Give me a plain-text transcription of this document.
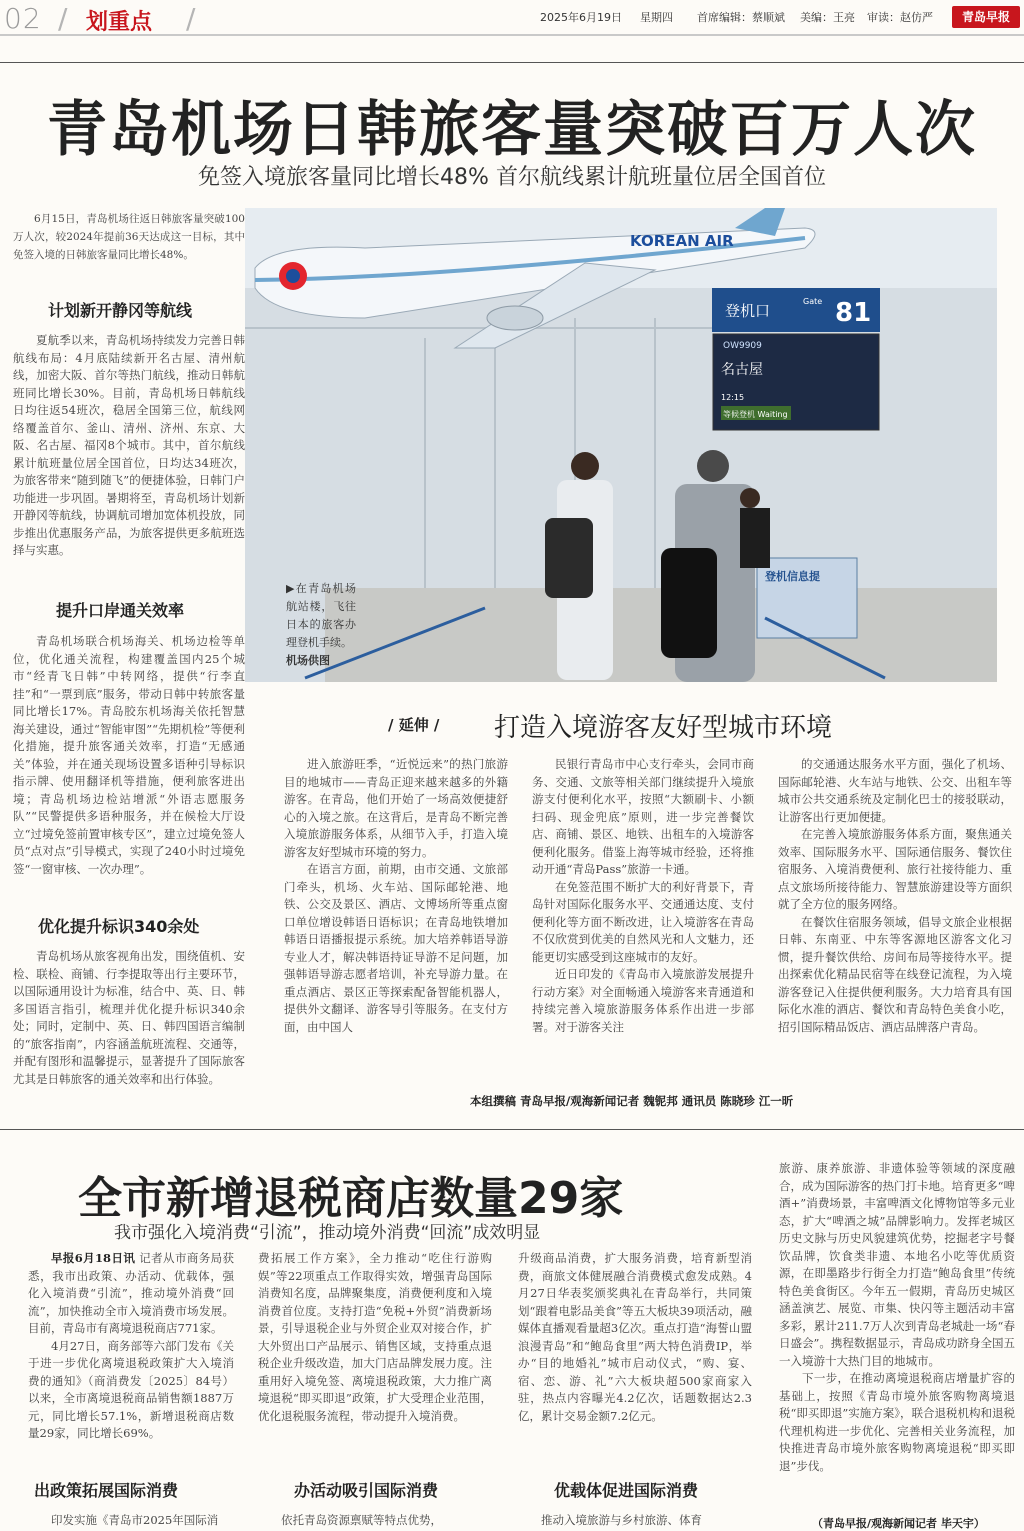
02 / 划重点 /	2025年6月19日 星期四 首席编辑：蔡顺斌 美编：王亮 审读：赵仿严	青岛早报
青岛机场日韩旅客量突破百万人次
免签入境旅客量同比增长48% 首尔航线累计航班量位居全国首位

6月15日，青岛机场往返日韩旅客量突破100万人次，较2024年提前36天达成这一目标，其中免签入境的日韩旅客量同比增长48%。

计划新开静冈等航线

夏航季以来，青岛机场持续发力完善日韩航线布局：4月底陆续新开名古屋、清州航线，加密大阪、首尔等热门航线，推动日韩航班同比增长30%。目前，青岛机场日韩航线日均往返54班次，稳居全国第三位，航线网络覆盖首尔、釜山、清州、济州、东京、大阪、名古屋、福冈8个城市。其中，首尔航线累计航班量位居全国首位，日均达34班次，为旅客带来“随到随飞”的便捷体验，日韩门户功能进一步巩固。暑期将至，青岛机场计划新开静冈等航线，协调航司增加宽体机投放，同步推出优惠服务产品，为旅客提供更多航班选择与实惠。

提升口岸通关效率

青岛机场联合机场海关、机场边检等单位，优化通关流程，构建覆盖国内25个城市“经青飞日韩”中转网络，提供“行李直挂”和“一票到底”服务，带动日韩中转旅客量同比增长17%。青岛胶东机场海关依托智慧海关建设，通过“智能审图”“先期机检”等便利化措施，提升旅客通关效率，打造“无感通关”体验，并在通关现场设置多语种引导标识指示牌、使用翻译机等措施，便利旅客进出境；青岛机场边检站增派“外语志愿服务队”“民警提供多语种服务，并在候检大厅设立“过境免签前置审核专区”，建立过境免签人员“点对点”引导模式，实现了240小时过境免签“一窗审核、一次办理”。

优化提升标识340余处

青岛机场从旅客视角出发，围绕值机、安检、联检、商铺、行李提取等出行主要环节，以国际通用设计为标准，结合中、英、日、韩多国语言指引，梳理并优化提升标识340余处；同时，定制中、英、日、韩四国语言编制的“旅客指南”，内容涵盖航班流程、交通等，并配有图形和温馨提示，显著提升了国际旅客尤其是日韩旅客的通关效率和出行体验。

KOREAN AIR
登机口
Gate 81
OW9909
名古屋
12:15
等候登机 Waiting
登机信息提
▶在青岛机场航站楼，飞往日本的旅客办理登机手续。
机场供图
/ 延伸 / 打造入境游客友好型城市环境

进入旅游旺季，“近悦远来”的热门旅游目的地城市——青岛正迎来越来越多的外籍游客。在青岛，他们开始了一场高效便捷舒心的入境之旅。在这背后，是青岛不断完善入境旅游服务体系，从细节入手，打造入境游客友好型城市环境的努力。

在语言方面，前期，由市交通、文旅部门牵头，机场、火车站、国际邮轮港、地铁、公交及景区、酒店、文博场所等重点窗口单位增设韩语日语标识；在青岛地铁增加韩语日语播报提示系统。加大培养韩语导游专业人才，解决韩语持证导游不足问题，加强韩语导游志愿者培训，补充导游力量。在重点酒店、景区正等探索配备智能机器人，提供外文翻译、游客导引等服务。在支付方面，由中国人

民银行青岛市中心支行牵头，会同市商务、交通、文旅等相关部门继续提升入境旅游支付便利化水平，按照“大额刷卡、小额扫码、现金兜底”原则，进一步完善餐饮店、商铺、景区、地铁、出租车的入境游客便利化服务。借鉴上海等城市经验，还将推动开通“青岛Pass”旅游一卡通。

在免签范围不断扩大的利好背景下，青岛针对国际化服务水平、交通通达度、支付便利化等方面不断改进，让入境游客在青岛不仅欣赏到优美的自然风光和人文魅力，还能更切实感受到这座城市的友好。

近日印发的《青岛市入境旅游发展提升行动方案》对全面畅通入境游客来青通道和持续完善入境旅游服务体系作出进一步部署。对于游客关注

的交通通达服务水平方面，强化了机场、国际邮轮港、火车站与地铁、公交、出租车等城市公共交通系统及定制化巴士的接驳联动，让游客出行更加便捷。

在完善入境旅游服务体系方面，聚焦通关效率、国际服务水平、国际通信服务、餐饮住宿服务、入境消费便利、旅行社接待能力、重点文旅场所接待能力、智慧旅游建设等方面织就了全方位的服务网络。

在餐饮住宿服务领域，倡导文旅企业根据日韩、东南亚、中东等客源地区游客文化习惯，提升餐饮供给、房间布局等接待水平。提出探索优化精品民宿等在线登记流程，为入境游客登记入住提供便利服务。大力培育具有国际化水准的酒店、餐饮和青岛特色美食小吃，招引国际精品饭店、酒店品牌落户青岛。

本组撰稿 青岛早报/观海新闻记者 魏铌邦 通讯员 陈晓珍 江一昕
全市新增退税商店数量29家
我市强化入境消费“引流”，推动境外消费“回流”成效明显

早报6月18日讯 记者从市商务局获悉，我市出政策、办活动、优载体，强化入境消费“引流”，推动境外消费“回流”，加快推动全市入境消费市场发展。目前，青岛市有离境退税商店771家。

4月27日，商务部等六部门发布《关于进一步优化离境退税政策扩大入境消费的通知》（商消费发〔2025〕84号）以来，全市离境退税商品销售额1887万元，同比增长57.1%，新增退税商店数量29家，同比增长69%。

费拓展工作方案》，全力推动“吃住行游购娱”等22项重点工作取得实效，增强青岛国际消费知名度，品牌聚集度，消费便利度和入境消费首位度。支持打造“免税+外贸”消费新场景，引导退税企业与外贸企业双对接合作，扩大外贸出口产品展示、销售区域，支持重点退税企业升级改造，加大门店品牌发展力度。注重用好入境免签、离境退税政策，大力推广离境退税“即买即退”政策，扩大受理企业范围，优化退税服务流程，带动提升入境消费。

升级商品消费，扩大服务消费，培育新型消费，商旅文体健展融合消费模式愈发成熟。4月27日华表奖颁奖典礼在青岛举行，共同策划“跟着电影品美食”等五大板块39项活动，融媒体直播观看量超3亿次。重点打造“海誓山盟 浪漫青岛”和“鲍岛食里”两大特色消费IP，举办“目的地婚礼”城市启动仪式，“购、宴、宿、恋、游、礼”六大板块超500家商家入驻，热点内容曝光4.2亿次，话题数据达2.3亿，累计交易金额7.2亿元。

旅游、康养旅游、非遗体验等领域的深度融合，成为国际游客的热门打卡地。培育更多“啤酒+”消费场景，丰富啤酒文化博物馆等多元业态，扩大“啤酒之城”品牌影响力。发挥老城区历史文脉与历史风貌建筑优势，挖掘老字号餐饮品牌，饮食类非遗、本地名小吃等优质资源，在即墨路步行街全力打造“鲍岛食里”传统特色美食街区。今年五一假期，青岛历史城区涵盖演艺、展览、市集、快闪等主题活动丰富多彩，累计211.7万人次到青岛老城赴一场“春日盛会”。携程数据显示，青岛成功跻身全国五一入境游十大热门目的地城市。

下一步，在推动离境退税商店增量扩容的基础上，按照《青岛市境外旅客购物离境退税“即买即退”实施方案》，联合退税机构和退税代理机构进一步优化、完善相关业务流程，加快推进青岛市境外旅客购物离境退税“即买即退”步伐。

出政策拓展国际消费

印发实施《青岛市2025年国际消

办活动吸引国际消费

依托青岛资源禀赋等特点优势，

优载体促进国际消费

推动入境旅游与乡村旅游、体育	（青岛早报/观海新闻记者 毕天宇）
